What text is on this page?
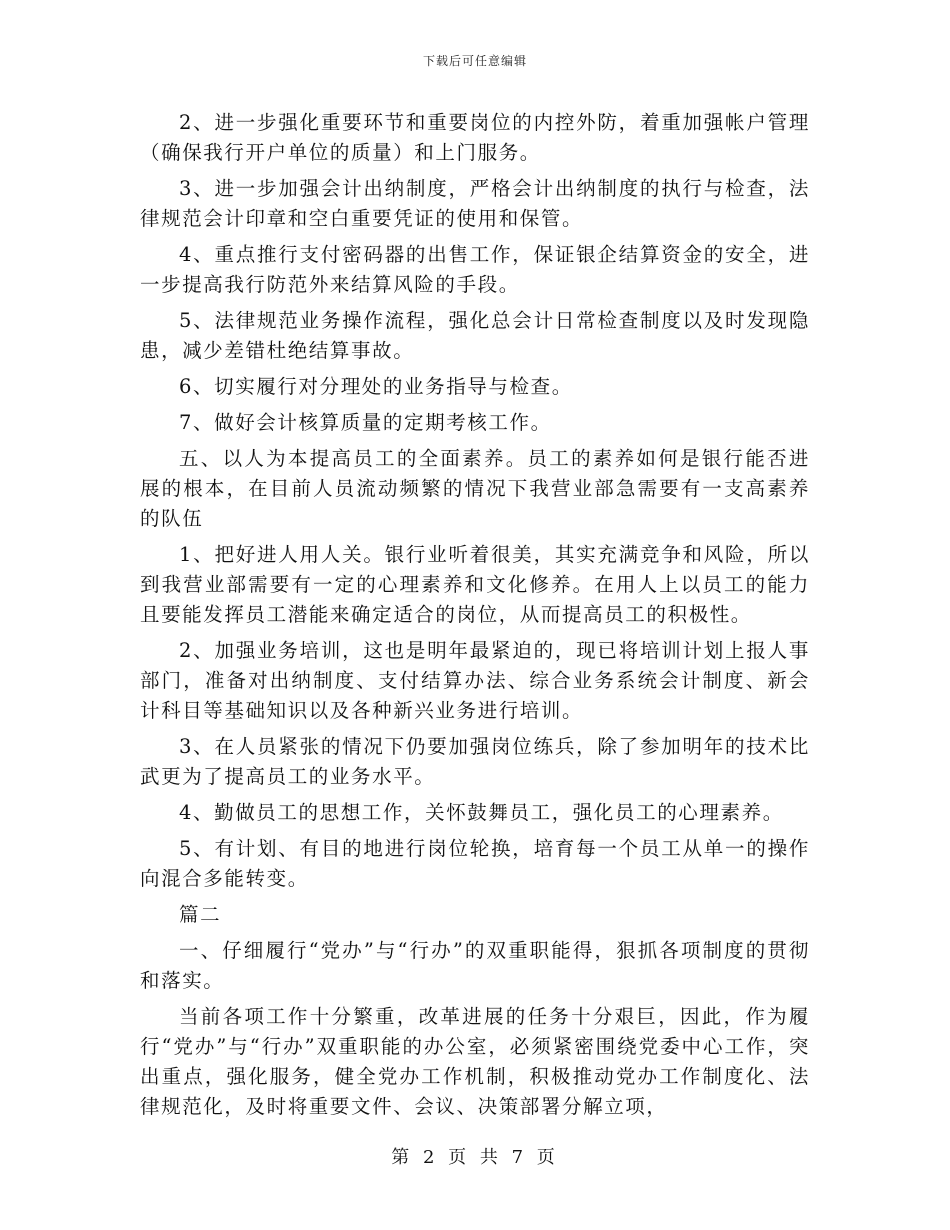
下载后可任意编辑

2、进一步强化重要环节和重要岗位的内控外防，着重加强帐户管理（确保我行开户单位的质量）和上门服务。

3、进一步加强会计出纳制度，严格会计出纳制度的执行与检查，法律规范会计印章和空白重要凭证的使用和保管。

4、重点推行支付密码器的出售工作，保证银企结算资金的安全，进一步提高我行防范外来结算风险的手段。

5、法律规范业务操作流程，强化总会计日常检查制度以及时发现隐患，减少差错杜绝结算事故。

6、切实履行对分理处的业务指导与检查。

7、做好会计核算质量的定期考核工作。

五、以人为本提高员工的全面素养。员工的素养如何是银行能否进展的根本，在目前人员流动频繁的情况下我营业部急需要有一支高素养的队伍

1、把好进人用人关。银行业听着很美，其实充满竞争和风险，所以到我营业部需要有一定的心理素养和文化修养。在用人上以员工的能力且要能发挥员工潜能来确定适合的岗位，从而提高员工的积极性。

2、加强业务培训，这也是明年最紧迫的，现已将培训计划上报人事部门，准备对出纳制度、支付结算办法、综合业务系统会计制度、新会计科目等基础知识以及各种新兴业务进行培训。

3、在人员紧张的情况下仍要加强岗位练兵，除了参加明年的技术比武更为了提高员工的业务水平。

4、勤做员工的思想工作，关怀鼓舞员工，强化员工的心理素养。

5、有计划、有目的地进行岗位轮换，培育每一个员工从单一的操作向混合多能转变。

篇二

一、仔细履行“党办”与“行办”的双重职能得，狠抓各项制度的贯彻和落实。

当前各项工作十分繁重，改革进展的任务十分艰巨，因此，作为履行“党办”与“行办”双重职能的办公室，必须紧密围绕党委中心工作，突出重点，强化服务，健全党办工作机制，积极推动党办工作制度化、法律规范化，及时将重要文件、会议、决策部署分解立项，

第 2 页 共 7 页
